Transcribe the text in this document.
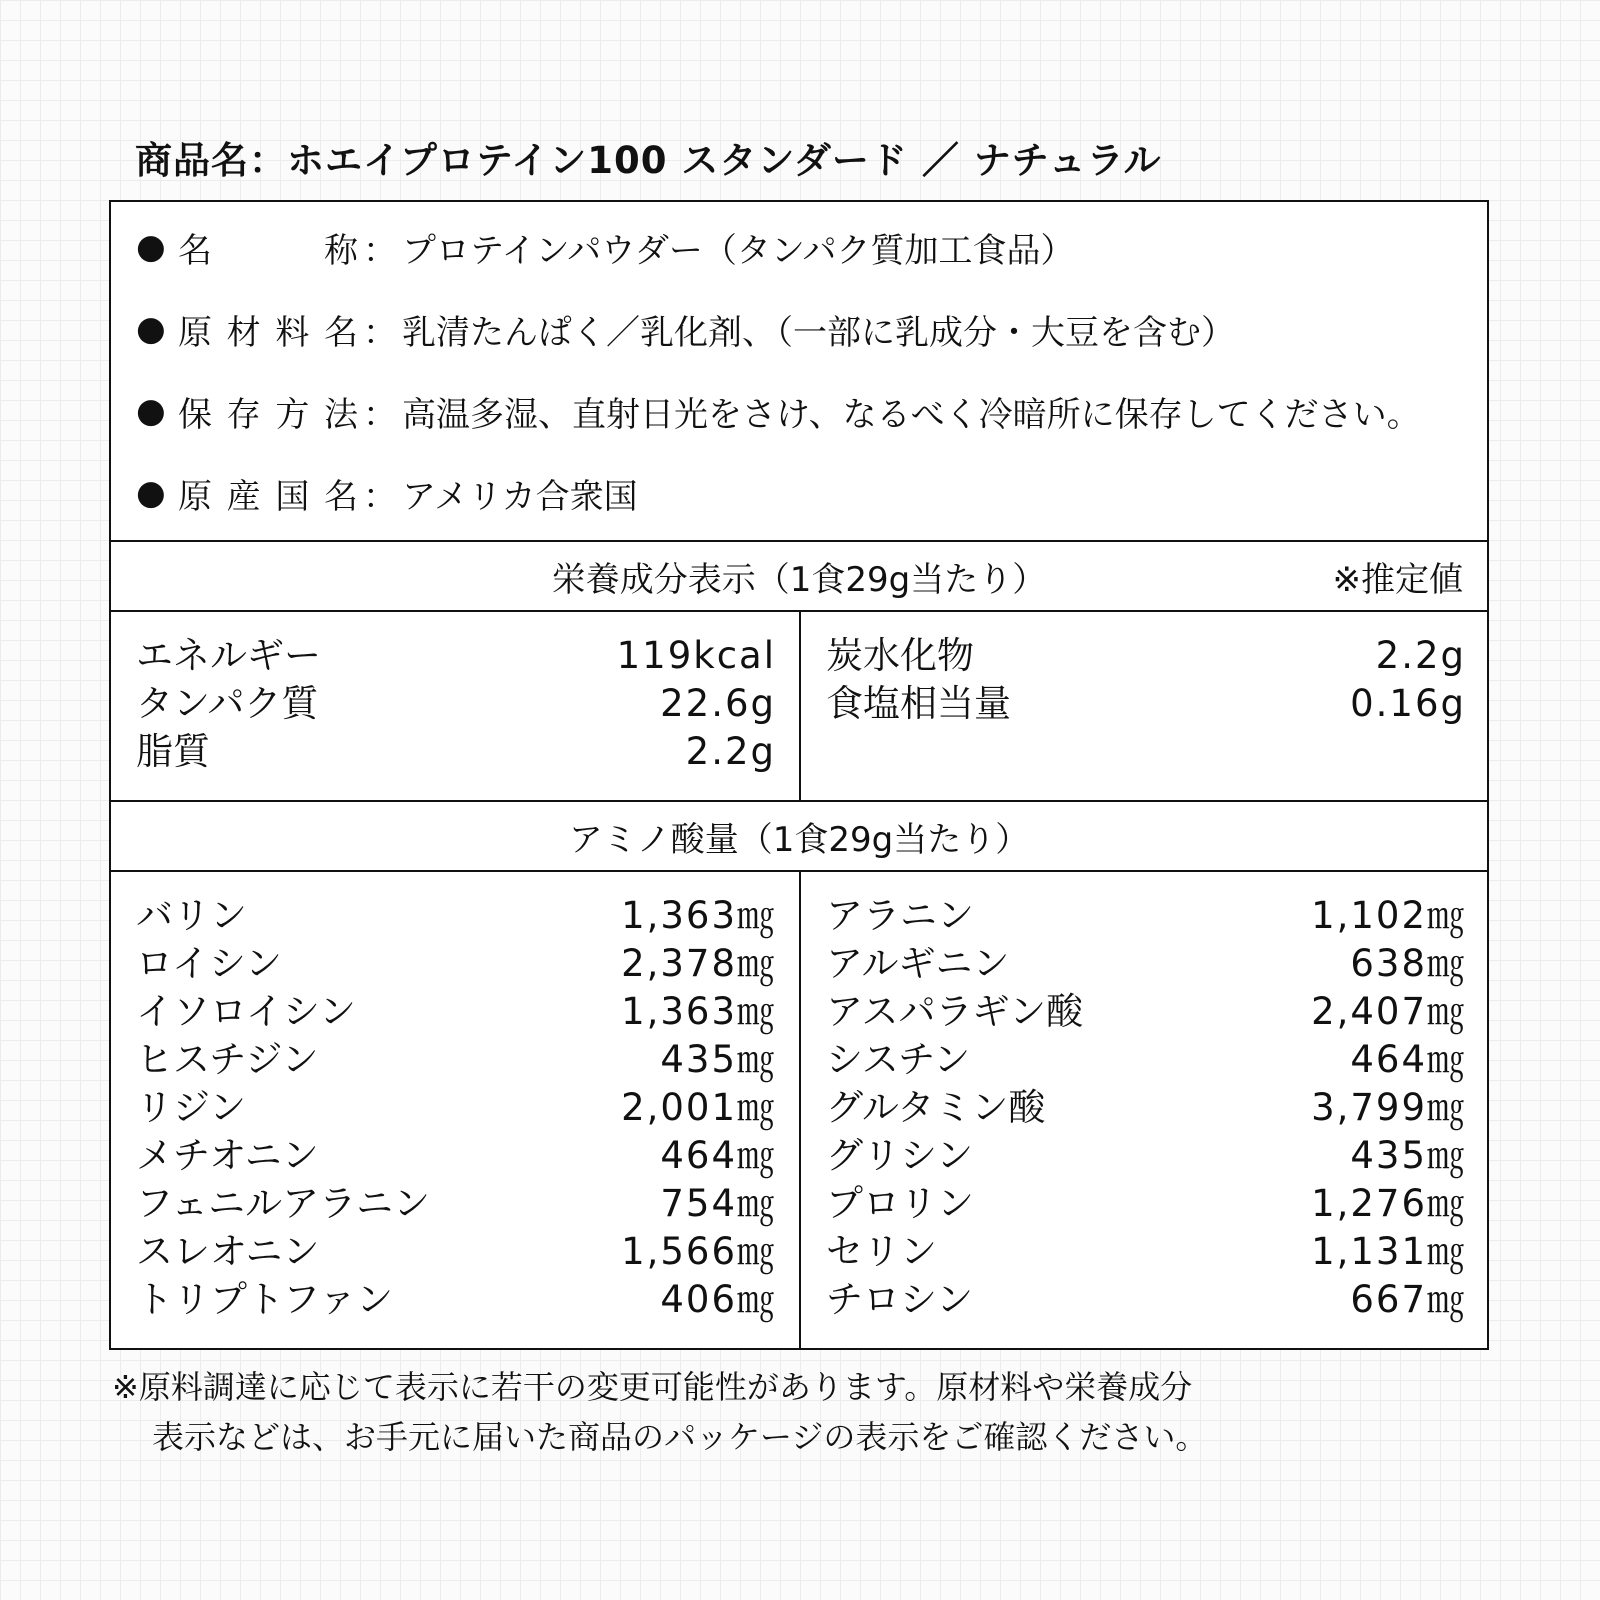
商品名：ホエイプロテイン100 スタンダード ／ ナチュラル
● 名称 ： プロテインパウダー（タンパク質加工食品）
● 原材料名 ： 乳清たんぱく／乳化剤、（一部に乳成分・大豆を含む）
● 保存方法 ： 高温多湿、直射日光をさけ、なるべく冷暗所に保存してください。
● 原産国名 ： アメリカ合衆国
栄養成分表示（1食29g当たり）	※推定値
エネルギー	119kcal
タンパク質	22.6g
脂質	2.2g
炭水化物	2.2g
食塩相当量	0.16g
アミノ酸量（1食29g当たり）
バリン	1,363㎎
ロイシン	2,378㎎
イソロイシン	1,363㎎
ヒスチジン	435㎎
リジン	2,001㎎
メチオニン	464㎎
フェニルアラニン	754㎎
スレオニン	1,566㎎
トリプトファン	406㎎
アラニン	1,102㎎
アルギニン	638㎎
アスパラギン酸	2,407㎎
シスチン	464㎎
グルタミン酸	3,799㎎
グリシン	435㎎
プロリン	1,276㎎
セリン	1,131㎎
チロシン	667㎎
※原料調達に応じて表示に若干の変更可能性があります。原材料や栄養成分
表示などは、お手元に届いた商品のパッケージの表示をご確認ください。
